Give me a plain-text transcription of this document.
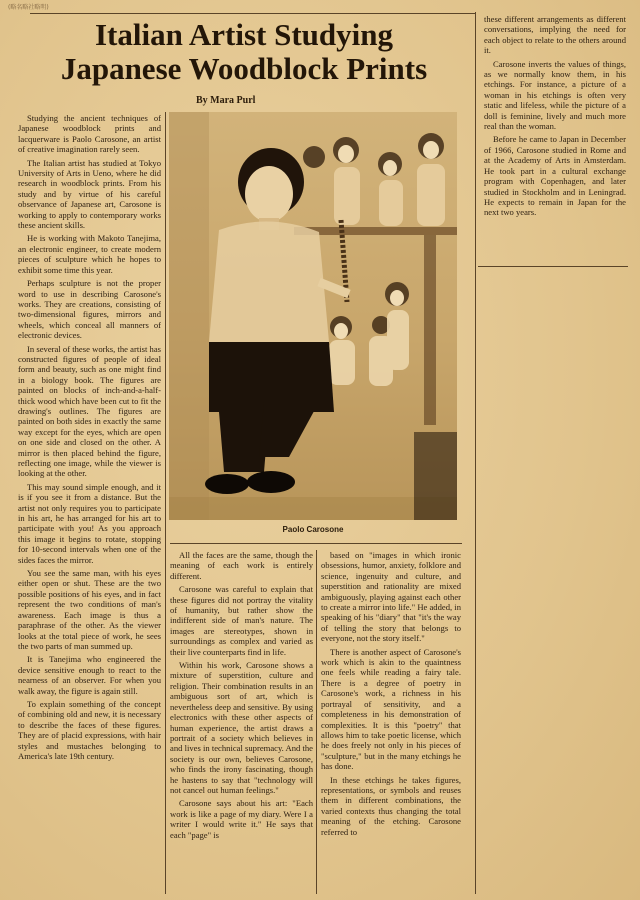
(略名略社略明)
Italian Artist Studying
Japanese Woodblock Prints
By Mara Purl

Studying the ancient techniques of Japanese woodblock prints and lacquerware is Paolo Carosone, an artist of creative imagination rarely seen.

The Italian artist has studied at Tokyo University of Arts in Ueno, where he did research in woodblock prints. From his study and by virtue of his careful observance of Japanese art, Carosone is working to apply to contemporary works these ancient skills.

He is working with Makoto Tanejima, an electronic engineer, to create modern pieces of sculpture which he hopes to exhibit some time this year.

Perhaps sculpture is not the proper word to use in describing Carosone's works. They are creations, consisting of two-dimensional figures, mirrors and wheels, which conceal all manners of electronic devices.

In several of these works, the artist has constructed figures of people of ideal form and beauty, such as one might find in a biology book. The figures are painted on blocks of inch-and-a-half-thick wood which have been cut to fit the drawing's outlines. The figures are painted on both sides in exactly the same way except for the eyes, which are open on one side and closed on the other. A mirror is then placed behind the figure, reflecting one image, while the viewer is looking at the other.

This may sound simple enough, and it is if you see it from a distance. But the artist not only requires you to participate in his art, he has arranged for his art to participate with you! As you approach this image it begins to rotate, stopping for 10-second intervals when one of the sides faces the mirror.

You see the same man, with his eyes either open or shut. These are the two possible positions of his eyes, and in fact represent the two conditions of man's awareness. Each image is thus a paraphrase of the other. As the viewer looks at the total piece of work, he sees the two parts of man summed up.

It is Tanejima who engineered the device sensitive enough to react to the nearness of an observer. For when you walk away, the figure is again still.

To explain something of the concept of combining old and new, it is necessary to describe the faces of these figures. They are of placid expressions, with hair styles and mustaches belonging to America's late 19th century.

Paolo Carosone

All the faces are the same, though the meaning of each work is entirely different.

Carosone was careful to explain that these figures did not portray the vitality of humanity, but rather show the indifferent side of man's nature. The images are stereotypes, shown in surroundings as complex and varied as their live counterparts find in life.

Within his work, Carosone shows a mixture of superstition, culture and religion. Their combination results in an ambiguous sort of art, which is nevertheless deep and sensitive. By using electronics with these other aspects of human experience, the artist draws a portrait of a society which believes in and lives in technical supremacy. And the society is our own, believes Carosone, who finds the irony fascinating, though he hastens to say that "technology will not cancel out human feelings."

Carosone says about his art: "Each work is like a page of my diary. Were I a writer I would write it." He says that each "page" is

based on "images in which ironic obsessions, humor, anxiety, folklore and science, ingenuity and culture, and superstition and rationality are mixed ambiguously, playing against each other to create a mirror into life." He added, in speaking of his "diary" that "it's the way of telling the story that belongs to everyone, not the story itself."

There is another aspect of Carosone's work which is akin to the quaintness one feels while reading a fairy tale. There is a degree of poetry in Carosone's work, a richness in his portrayal of sensitivity, and a completeness in his demonstration of complexities. It is this "poetry" that allows him to take poetic license, which he does freely not only in his pieces of "sculpture," but in the many etchings he has done.

In these etchings he takes figures, representations, or symbols and reuses them in different combinations, the varied contexts thus changing the total meaning of the etching. Carosone referred to

these different arrangements as different conversations, implying the need for each object to relate to the others around it.

Carosone inverts the values of things, as we normally know them, in his etchings. For instance, a picture of a woman in his etchings is often very static and lifeless, while the picture of a doll is feminine, lively and much more real than the woman.

Before he came to Japan in December of 1966, Carosone studied in Rome and at the Academy of Arts in Amsterdam. He took part in a cultural exchange program with Copenhagen, and later studied in Stockholm and in Leningrad. He expects to remain in Japan for the next two years.
